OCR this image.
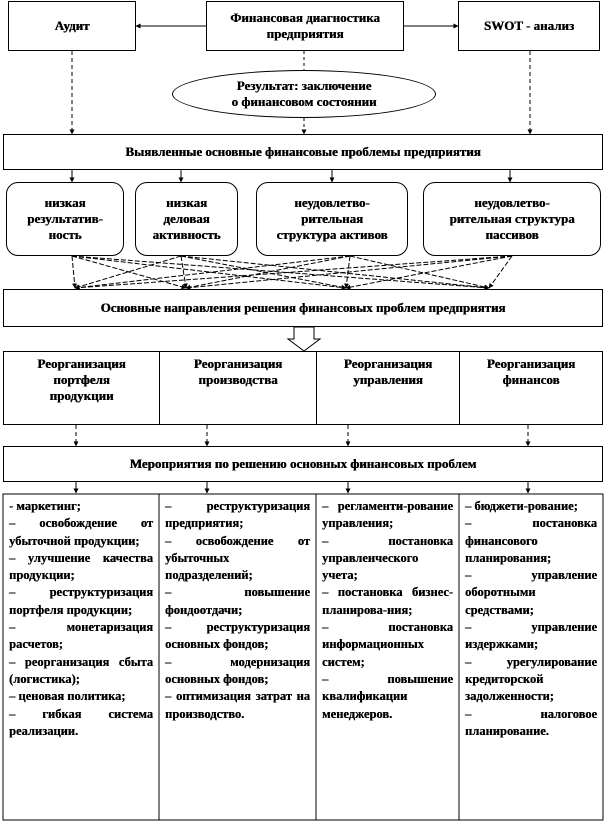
Аудит
Финансовая диагностика
предприятия
SWOT - анализ
Результат: заключение
о финансовом состоянии
Выявленные основные финансовые проблемы предприятия
низкая
результатив-
ность
низкая
деловая
активность
неудовлетво-
рительная
структура активов
неудовлетво-
рительная структура
пассивов
Основные направления решения финансовых проблем предприятия
Реорганизация
портфеля
продукции
Реорганизация
производства
Реорганизация
управления
Реорганизация
финансов
Мероприятия по решению основных финансовых проблем
- маркетинг;
– освобождение от убыточной продукции;
– улучшение качества продукции;
– реструктуризация портфеля продукции;
– монетаризация расчетов;
– реорганизация сбыта (логистика);
– ценовая политика;
– гибкая система реализации.
– реструктуризация предприятия;
– освобождение от убыточных подразделений;
– повышение фондоотдачи;
– реструктуризация основных фондов;
– модернизация основных фондов;
– оптимизация затрат на производство.
– регламенти-рование управления;
– постановка управленческого учета;
– постановка бизнес-планирова-ния;
– постановка информационных систем;
– повышение квалификации менеджеров.
– бюджети-рование;
– постановка финансового планирования;
– управление оборотными средствами;
– управление издержками;
– урегулирование кредиторской задолженности;
– налоговое планирование.
